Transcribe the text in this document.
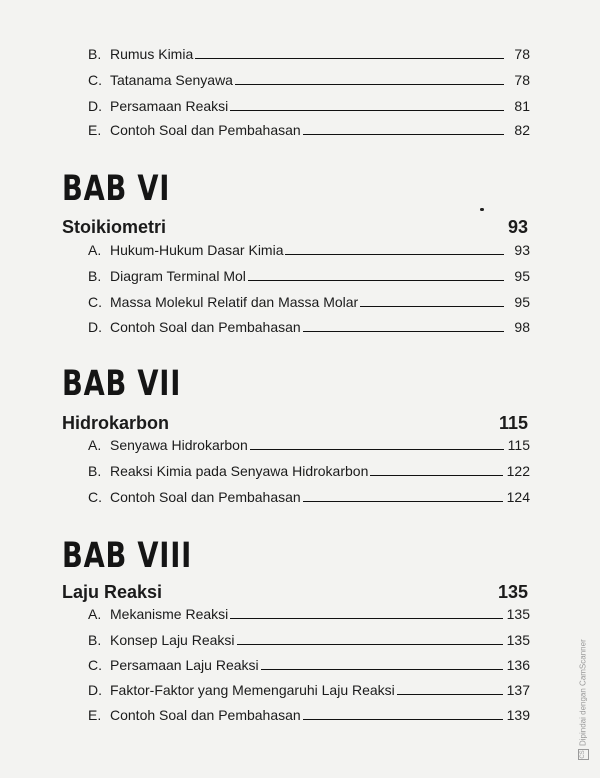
B. Rumus Kimia	78
C. Tatanama Senyawa	78
D. Persamaan Reaksi	81
E. Contoh Soal dan Pembahasan	82
BAB VI
Stoikiometri	93
A. Hukum-Hukum Dasar Kimia	93
B. Diagram Terminal Mol	95
C. Massa Molekul Relatif dan Massa Molar	95
D. Contoh Soal dan Pembahasan	98
BAB VII
Hidrokarbon	115
A. Senyawa Hidrokarbon	115
B. Reaksi Kimia pada Senyawa Hidrokarbon	122
C. Contoh Soal dan Pembahasan	124
BAB VIII
Laju Reaksi	135
A. Mekanisme Reaksi	135
B. Konsep Laju Reaksi	135
C. Persamaan Laju Reaksi	136
D. Faktor-Faktor yang Memengaruhi Laju Reaksi	137
E. Contoh Soal dan Pembahasan	139
CSDipindai dengan CamScanner
